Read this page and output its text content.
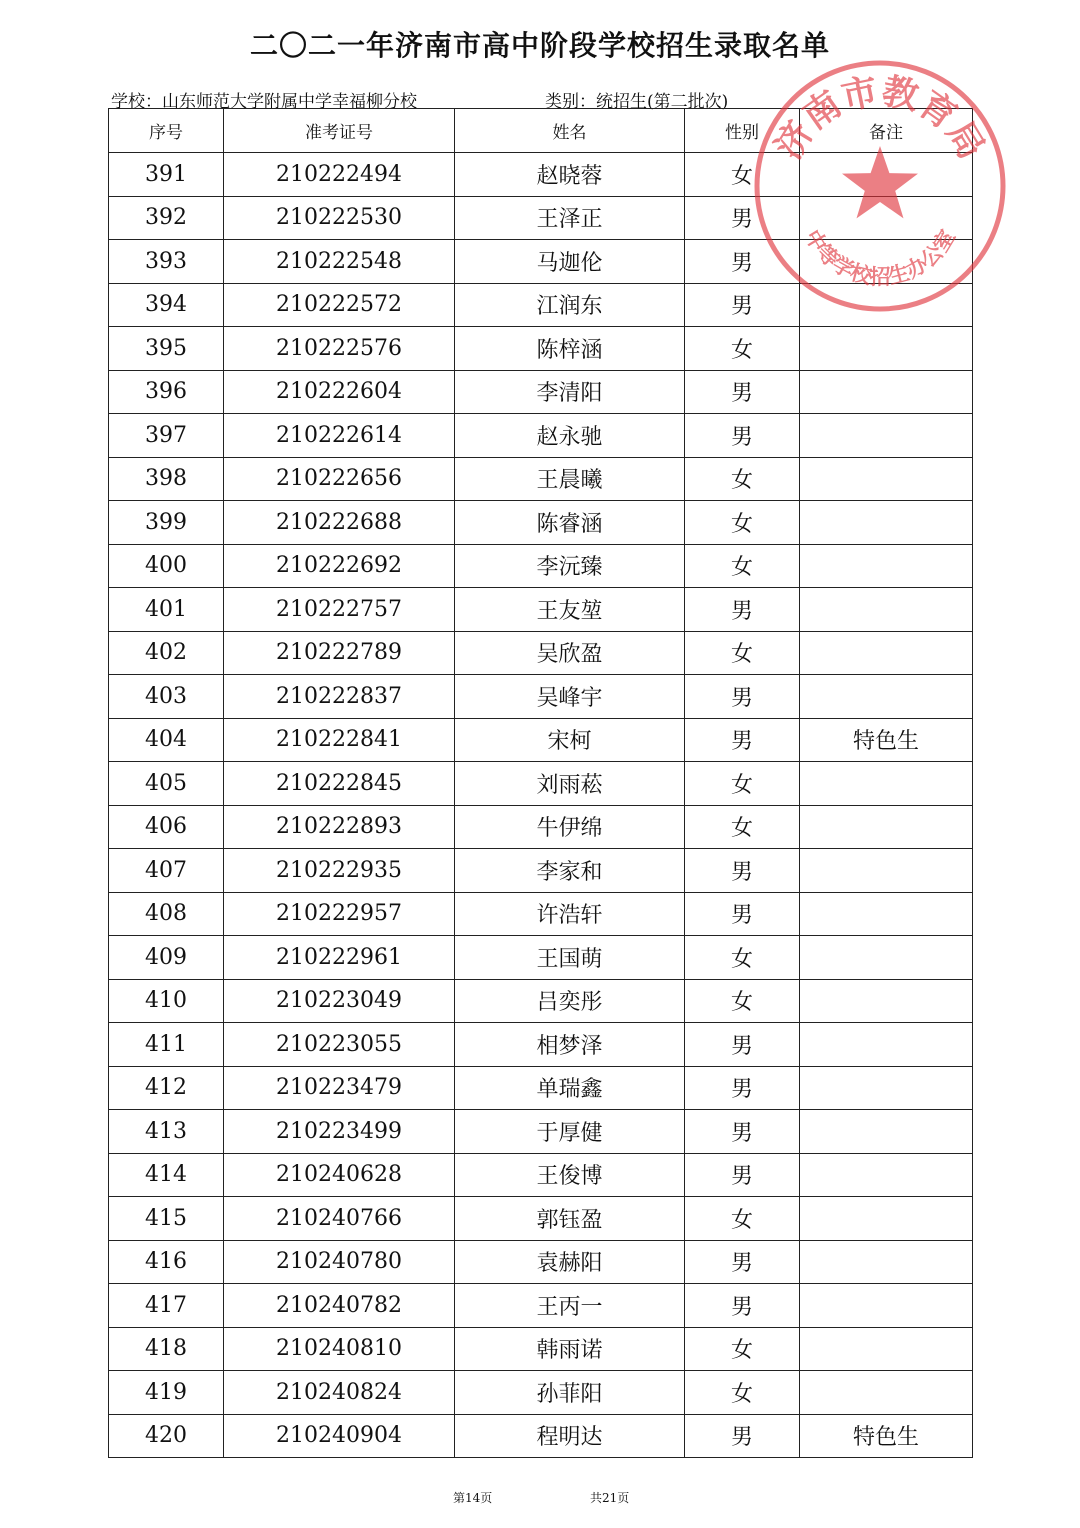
二〇二一年济南市高中阶段学校招生录取名单
学校：山东师范大学附属中学幸福柳分校	类别：统招生(第二批次)
序号	准考证号	姓名	性别	备注
391	210222494	赵晓蓉	女	
392	210222530	王泽正	男	
393	210222548	马迦伦	男	
394	210222572	江润东	男	
395	210222576	陈梓涵	女	
396	210222604	李清阳	男	
397	210222614	赵永驰	男	
398	210222656	王晨曦	女	
399	210222688	陈睿涵	女	
400	210222692	李沅臻	女	
401	210222757	王友堃	男	
402	210222789	吴欣盈	女	
403	210222837	吴峰宇	男	
404	210222841	宋柯	男	特色生
405	210222845	刘雨菘	女	
406	210222893	牛伊绵	女	
407	210222935	李家和	男	
408	210222957	许浩轩	男	
409	210222961	王国萌	女	
410	210223049	吕奕彤	女	
411	210223055	相梦泽	男	
412	210223479	单瑞鑫	男	
413	210223499	于厚健	男	
414	210240628	王俊博	男	
415	210240766	郭钰盈	女	
416	210240780	袁赫阳	男	
417	210240782	王丙一	男	
418	210240810	韩雨诺	女	
419	210240824	孙菲阳	女	
420	210240904	程明达	男	特色生
济南市教育局
中等学校招生办公室
第14页	共21页
